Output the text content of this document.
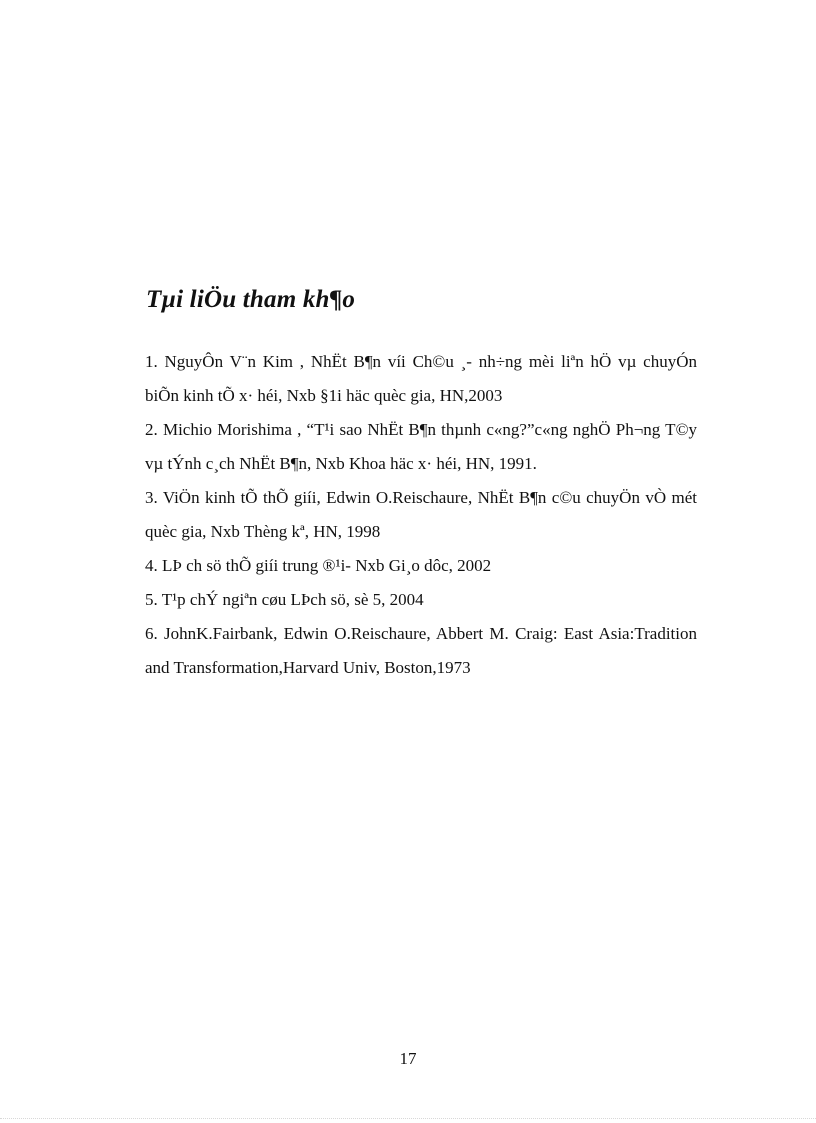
Tµi liÖu tham kh¶o

1. NguyÔn V¨n Kim , NhËt B¶n víi Ch©u ¸- nh÷ng mèi liªn hÖ vµ chuyÓn biÕn kinh tÕ x· héi, Nxb §1i häc quèc gia, HN,2003

2. Michio Morishima , “T¹i sao NhËt B¶n thµnh c«ng?”c«ng nghÖ Ph¬ng T©y vµ tÝnh c¸ch NhËt B¶n, Nxb Khoa häc x· héi, HN, 1991.

3. ViÖn kinh tÕ thÕ giíi, Edwin O.Reischaure, NhËt B¶n c©u chuyÖn vÒ mét quèc gia, Nxb Thèng kª, HN, 1998

4. LÞ ch sö thÕ giíi trung ®¹i- Nxb Gi¸o dôc, 2002

5. T¹p chÝ ngiªn cøu LÞch sö, sè 5, 2004

6. JohnK.Fairbank, Edwin O.Reischaure, Abbert M. Craig: East Asia:Tradition and Transformation,Harvard Univ, Boston,1973

17
